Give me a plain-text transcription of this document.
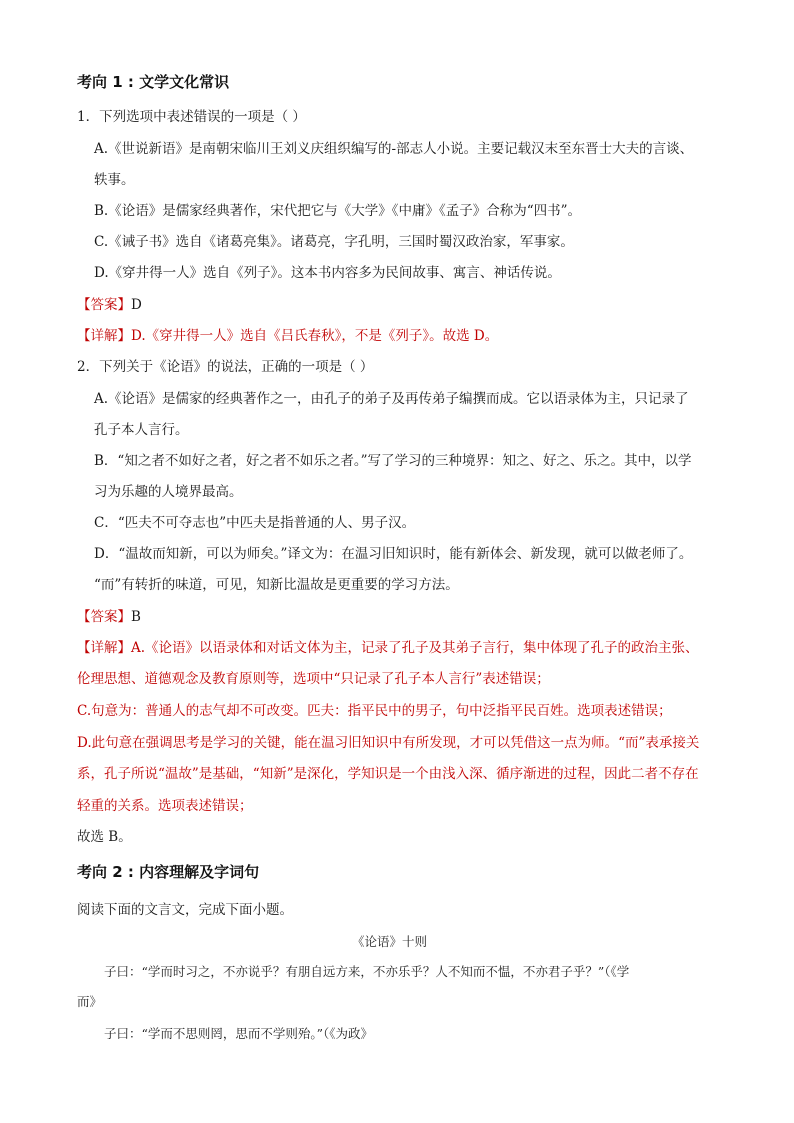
考向 1 : 文学文化常识
1．下列选项中表述错误的一项是（ ）
A.《世说新语》是南朝宋临川王刘义庆组织编写的-部志人小说。主要记载汉末至东晋士大夫的言谈、
轶事。
B.《论语》是儒家经典著作，宋代把它与《大学》《中庸》《孟子》合称为“四书”。
C.《诫子书》选自《诸葛亮集》。诸葛亮，字孔明，三国时蜀汉政治家，军事家。
D.《穿井得一人》选自《列子》。这本书内容多为民间故事、寓言、神话传说。
【答案】D
【详解】D.《穿井得一人》选自《吕氏春秋》，不是《列子》。故选 D。
2．下列关于《论语》的说法，正确的一项是（ ）
A.《论语》是儒家的经典著作之一，由孔子的弟子及再传弟子编撰而成。它以语录体为主，只记录了
孔子本人言行。
B．“知之者不如好之者，好之者不如乐之者。”写了学习的三种境界：知之、好之、乐之。其中，以学
习为乐趣的人境界最高。
C．“匹夫不可夺志也”中匹夫是指普通的人、男子汉。
D．“温故而知新，可以为师矣。”译文为：在温习旧知识时，能有新体会、新发现，就可以做老师了。
“而”有转折的味道，可见，知新比温故是更重要的学习方法。
【答案】B
【详解】A.《论语》以语录体和对话文体为主，记录了孔子及其弟子言行，集中体现了孔子的政治主张、
伦理思想、道德观念及教育原则等，选项中“只记录了孔子本人言行”表述错误；
C.句意为：普通人的志气却不可改变。匹夫：指平民中的男子，句中泛指平民百姓。选项表述错误；
D.此句意在强调思考是学习的关键，能在温习旧知识中有所发现，才可以凭借这一点为师。“而”表承接关
系，孔子所说“温故”是基础，“知新”是深化，学知识是一个由浅入深、循序渐进的过程，因此二者不存在
轻重的关系。选项表述错误；
故选 B。
考向 2 : 内容理解及字词句
阅读下面的文言文，完成下面小题。
《论语》十则
子曰：“学而时习之，不亦说乎？有朋自远方来，不亦乐乎？人不知而不愠，不亦君子乎？”（《学
而》
子曰：“学而不思则罔，思而不学则殆。”（《为政》
